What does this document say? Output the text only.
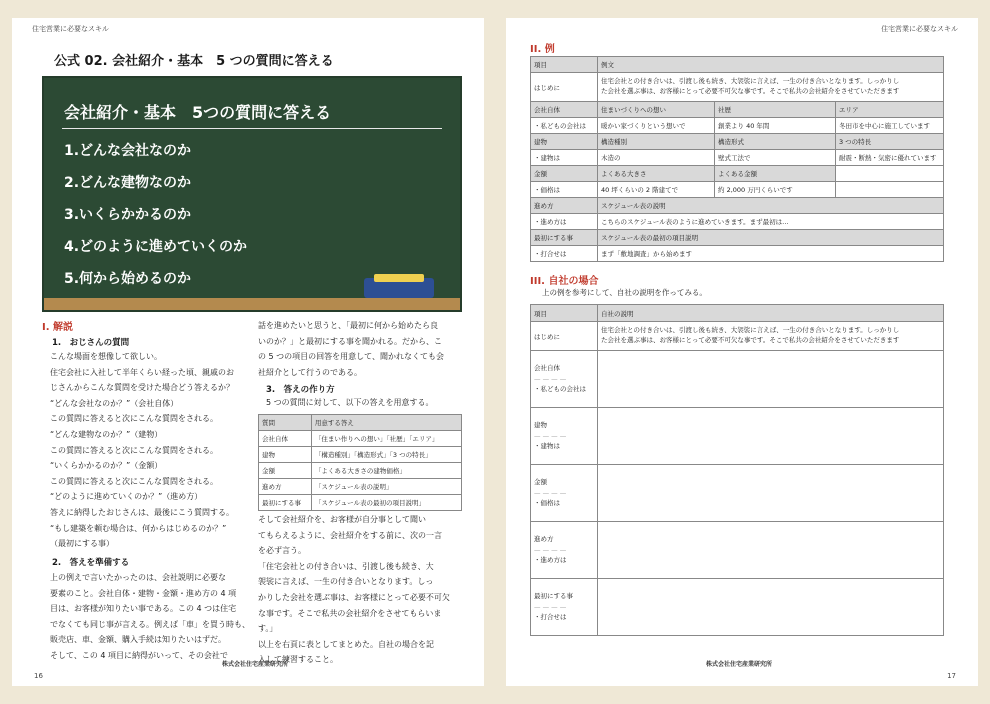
住宅営業に必要なスキル
公式 02. 会社紹介・基本　5 つの質問に答える
会社紹介・基本　5つの質問に答える
1.どんな会社なのか
2.どんな建物なのか
3.いくらかかるのか
4.どのように進めていくのか
5.何から始めるのか
I. 解説
1.　おじさんの質問
こんな場面を想像して欲しい。
住宅会社に入社して半年くらい経った頃、親戚のお
じさんからこんな質問を受けた場合どう答えるか？
“どんな会社なのか？”（会社自体）
この質問に答えると次にこんな質問をされる。
“どんな建物なのか？”（建物）
この質問に答えると次にこんな質問をされる。
“いくらかかるのか？”（金額）
この質問に答えると次にこんな質問をされる。
“どのように進めていくのか？”（進め方）
答えに納得したおじさんは、最後にこう質問する。
“もし建築を頼む場合は、何からはじめるのか？”
（最初にする事）
2.　答えを準備する
上の例えで言いたかったのは、会社説明に必要な
要素のこと。会社自体・建物・金額・進め方の 4 項
目は、お客様が知りたい事である。この 4 つは住宅
でなくても同じ事が言える。例えば「車」を買う時も、
販売店、車、金額、購入手続は知りたいはずだ。
そして、この 4 項目に納得がいって、その会社で
話を進めたいと思うと、「最初に何から始めたら良
いのか？」と最初にする事を聞かれる。だから、こ
の 5 つの項目の回答を用意して、聞かれなくても会
社紹介として行うのである。
3.　答えの作り方
5 つの質問に対して、以下の答えを用意する。
質問	用意する答え
会社自体	「住まい作りへの想い」「社歴」「エリア」
建物	「構造種別」「構造形式」「3 つの特長」
金額	「よくある大きさの建物価格」
進め方	「スケジュール表の説明」
最初にする事	「スケジュール表の最初の項目説明」
そして会社紹介を、お客様が自分事として聞い
てもらえるように、会社紹介をする前に、次の一言
を必ず言う。
「住宅会社との付き合いは、引渡し後も続き、大
袈裟に言えば、一生の付き合いとなります。しっ
かりした会社を選ぶ事は、お客様にとって必要不可欠
な事です。そこで私共の会社紹介をさせてもらいま
す。」
以上を右頁に表としてまとめた。自社の場合を記
入して練習すること。
株式会社住宅産業研究所
16
住宅営業に必要なスキル
II. 例
項目	例文		
はじめに	住宅会社との付き合いは、引渡し後も続き、大袈裟に言えば、一生の付き合いとなります。しっかりし
た会社を選ぶ事は、お客様にとって必要不可欠な事です。そこで私共の会社紹介をさせていただきます		

会社自体	住まいづくりへの想い	社歴	エリア
・私どもの会社は	暖かい家づくりという想いで	創業より 40 年間	冬田市を中心に施工しています
建物	構造種別	構造形式	3 つの特長
・建物は	木造の	壁式工法で	耐震・断熱・気密に優れています
金額	よくある大きさ	よくある金額	
・価格は	40 坪くらいの 2 階建てで	約 2,000 万円くらいです	
進め方	スケジュール表の説明		
・進め方は	こちらのスケジュール表のように進めていきます。まず最初は…		
最初にする事	スケジュール表の最初の項目説明		
・打合せは	まず「敷地調査」から始めます		
III. 自社の場合
上の例を参考にして、自社の説明を作ってみる。
項目	自社の説明
はじめに	住宅会社との付き合いは、引渡し後も続き、大袈裟に言えば、一生の付き合いとなります。しっかりし
た会社を選ぶ事は、お客様にとって必要不可欠な事です。そこで私共の会社紹介をさせていただきます

会社自体
— — — —
・私どもの会社は	

建物
— — — —
・建物は	

金額
— — — —
・価格は	

進め方
— — — —
・進め方は	

最初にする事
— — — —
・打合せは	

株式会社住宅産業研究所
17
